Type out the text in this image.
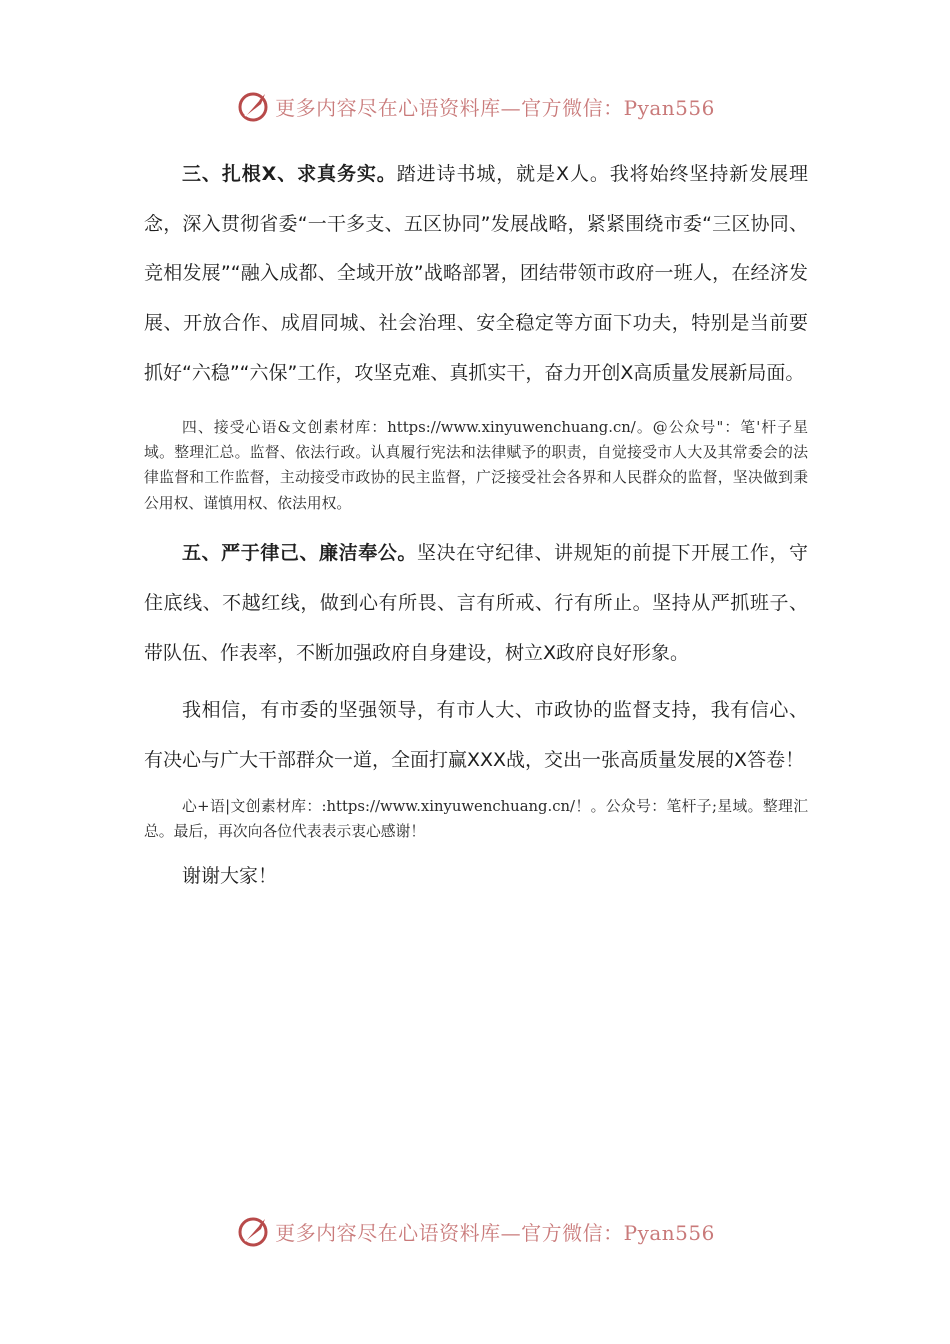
更多内容尽在心语资料库—官方微信：Pyan556

三、扎根X、求真务实。踏进诗书城，就是X人。我将始终坚持新发展理念，深入贯彻省委“一干多支、五区协同”发展战略，紧紧围绕市委“三区协同、竞相发展”“融入成都、全域开放”战略部署，团结带领市政府一班人，在经济发展、开放合作、成眉同城、社会治理、安全稳定等方面下功夫，特别是当前要抓好“六稳”“六保”工作，攻坚克难、真抓实干，奋力开创X高质量发展新局面。

四、接受心语&文创素材库：https://www.xinyuwenchuang.cn/。@公众号"：笔'杆子星域。整理汇总。监督、依法行政。认真履行宪法和法律赋予的职责，自觉接受市人大及其常委会的法律监督和工作监督，主动接受市政协的民主监督，广泛接受社会各界和人民群众的监督，坚决做到秉公用权、谨慎用权、依法用权。

五、严于律己、廉洁奉公。坚决在守纪律、讲规矩的前提下开展工作，守住底线、不越红线，做到心有所畏、言有所戒、行有所止。坚持从严抓班子、带队伍、作表率，不断加强政府自身建设，树立X政府良好形象。

我相信，有市委的坚强领导，有市人大、市政协的监督支持，我有信心、有决心与广大干部群众一道，全面打赢XXX战，交出一张高质量发展的X答卷！

心+语|文创素材库：:https://www.xinyuwenchuang.cn/！。公众号：笔杆子;星域。整理汇总。最后，再次向各位代表表示衷心感谢！

谢谢大家！

更多内容尽在心语资料库—官方微信：Pyan556
